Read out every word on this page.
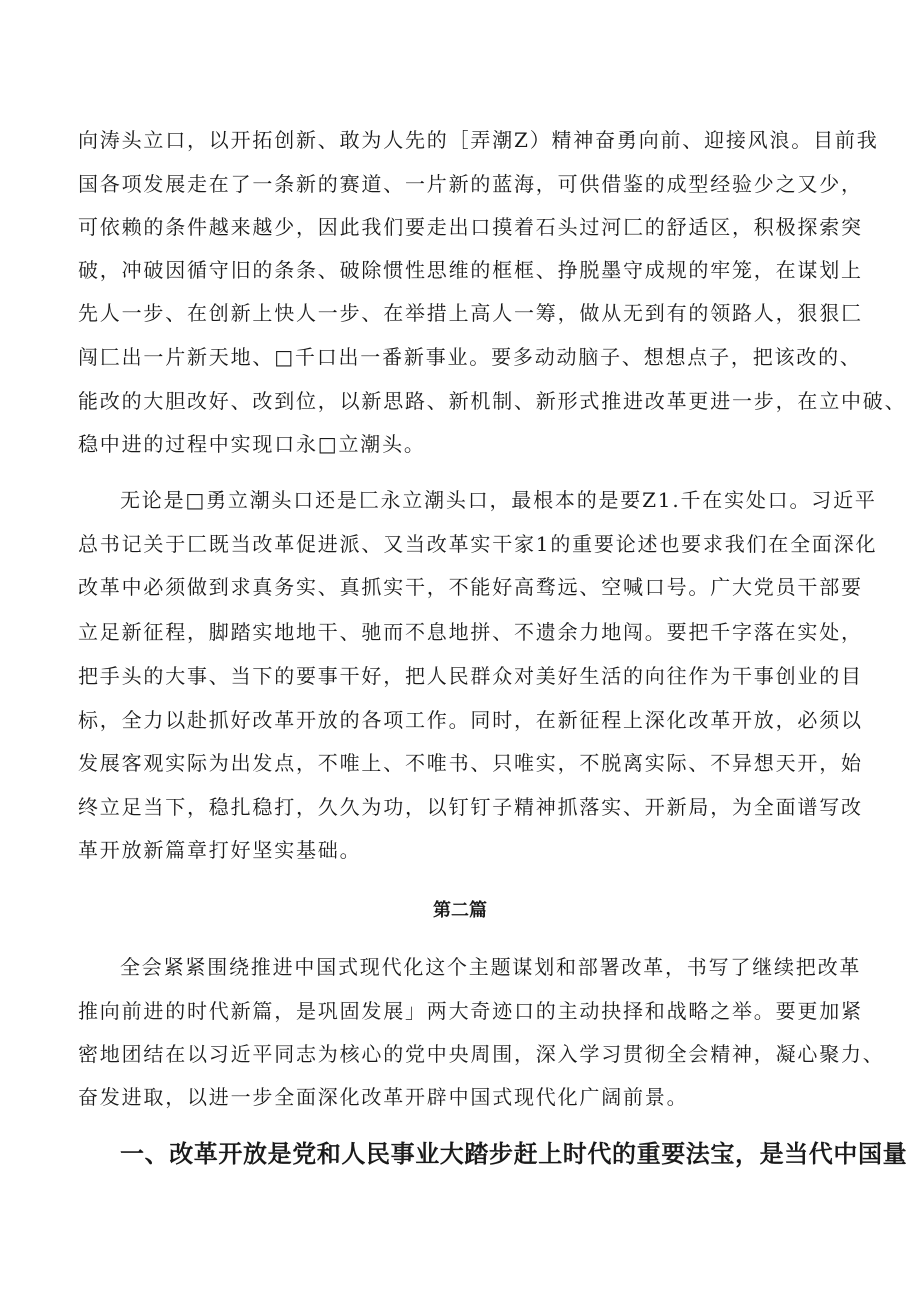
向涛头立口，以开拓创新、敢为人先的［弄潮Z）精神奋勇向前、迎接风浪。目前我
国各项发展走在了一条新的赛道、一片新的蓝海，可供借鉴的成型经验少之又少，
可依赖的条件越来越少，因此我们要走出口摸着石头过河匚的舒适区，积极探索突
破，冲破因循守旧的条条、破除惯性思维的框框、挣脱墨守成规的牢笼，在谋划上
先人一步、在创新上快人一步、在举措上高人一筹，做从无到有的领路人，狠狠匚
闯匚出一片新天地、□千口出一番新事业。要多动动脑子、想想点子，把该改的、
能改的大胆改好、改到位，以新思路、新机制、新形式推进改革更进一步，在立中破、
稳中进的过程中实现口永□立潮头。
无论是□勇立潮头口还是匚永立潮头口，最根本的是要Z1.千在实处口。习近平
总书记关于匚既当改革促进派、又当改革实干家1的重要论述也要求我们在全面深化
改革中必须做到求真务实、真抓实干，不能好高骛远、空喊口号。广大党员干部要
立足新征程，脚踏实地地干、驰而不息地拼、不遗余力地闯。要把千字落在实处，
把手头的大事、当下的要事干好，把人民群众对美好生活的向往作为干事创业的目
标，全力以赴抓好改革开放的各项工作。同时，在新征程上深化改革开放，必须以
发展客观实际为出发点，不唯上、不唯书、只唯实，不脱离实际、不异想天开，始
终立足当下，稳扎稳打，久久为功，以钉钉子精神抓落实、开新局，为全面谱写改
革开放新篇章打好坚实基础。
第二篇
全会紧紧围绕推进中国式现代化这个主题谋划和部署改革，书写了继续把改革
推向前进的时代新篇，是巩固发展」两大奇迹口的主动抉择和战略之举。要更加紧
密地团结在以习近平同志为核心的党中央周围，深入学习贯彻全会精神，凝心聚力、
奋发进取，以进一步全面深化改革开辟中国式现代化广阔前景。
一、改革开放是党和人民事业大踏步赶上时代的重要法宝，是当代中国量
